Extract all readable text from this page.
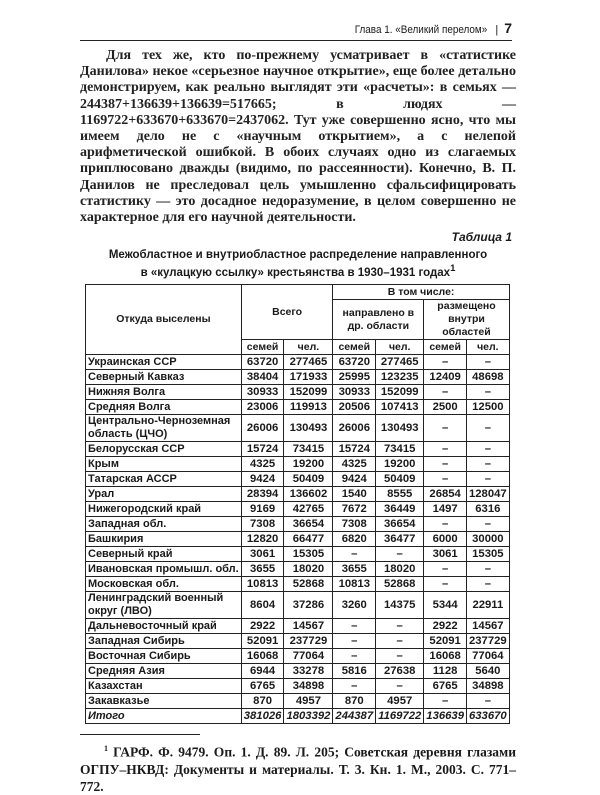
Глава 1. «Великий перелом» | 7

Для тех же, кто по-прежнему усматривает в «статистике Данилова» некое «серьезное научное открытие», еще более детально демонстрируем, как реально выглядят эти «расчеты»: в семьях — 244387+136639+136639=517665; в людях — 1169722+633670+633670=2437062. Тут уже совершенно ясно, что мы имеем дело не с «научным открытием», а с нелепой арифметической ошибкой. В обоих случаях одно из слагаемых приплюсовано дважды (видимо, по рассеянности). Конечно, В. П. Данилов не преследовал цель умышленно сфальсифицировать статистику — это досадное недоразумение, в целом совершенно не характерное для его научной деятельности.

Таблица 1
Межобластное и внутриобластное распределение направленного
в «кулацкую ссылку» крестьянства в 1930–1931 годах$^1$
Откуда выселены	Всего		В том числе:			
			направлено в др. области		размещено внутри областей	
	семей	чел.	семей	чел.	семей	чел.
Украинская ССР	63720	277465	63720	277465	–	–
Северный Кавказ	38404	171933	25995	123235	12409	48698
Нижняя Волга	30933	152099	30933	152099	–	–
Средняя Волга	23006	119913	20506	107413	2500	12500
Центрально-Черноземная область (ЦЧО)	26006	130493	26006	130493	–	–
Белорусская ССР	15724	73415	15724	73415	–	–
Крым	4325	19200	4325	19200	–	–
Татарская АССР	9424	50409	9424	50409	–	–
Урал	28394	136602	1540	8555	26854	128047
Нижегородский край	9169	42765	7672	36449	1497	6316
Западная обл.	7308	36654	7308	36654	–	–
Башкирия	12820	66477	6820	36477	6000	30000
Северный край	3061	15305	–	–	3061	15305
Ивановская промышл. обл.	3655	18020	3655	18020	–	–
Московская обл.	10813	52868	10813	52868	–	–
Ленинградский военный округ (ЛВО)	8604	37286	3260	14375	5344	22911
Дальневосточный край	2922	14567	–	–	2922	14567
Западная Сибирь	52091	237729	–	–	52091	237729
Восточная Сибирь	16068	77064	–	–	16068	77064
Средняя Азия	6944	33278	5816	27638	1128	5640
Казахстан	6765	34898	–	–	6765	34898
Закавказье	870	4957	870	4957	–	–
Итого	381026	1803392	244387	1169722	136639	633670
$^1$ ГАРФ. Ф. 9479. Оп. 1. Д. 89. Л. 205; Советская деревня глазами ОГПУ–НКВД: Документы и материалы. Т. 3. Кн. 1. М., 2003. С. 771–772.
